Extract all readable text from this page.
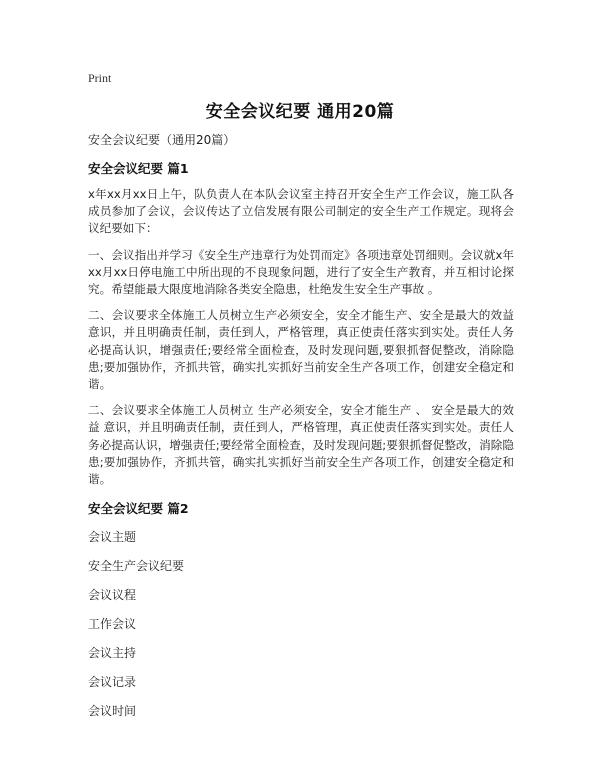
Print
安全会议纪要 通用20篇

安全会议纪要（通用20篇）

安全会议纪要 篇1

x年xx月xx日上午，队负责人在本队会议室主持召开安全生产工作会议，施工队各成员参加了会议，会议传达了立信发展有限公司制定的安全生产工作规定。现将会议纪要如下：

一、会议指出并学习《安全生产违章行为处罚而定》各项违章处罚细则。会议就x年xx月xx日停电施工中所出现的不良现象问题，进行了安全生产教育，并互相讨论探究。希望能最大限度地消除各类安全隐患，杜绝发生安全生产事故 。

二、会议要求全体施工人员树立生产必须安全，安全才能生产、安全是最大的效益意识，并且明确责任制，责任到人，严格管理，真正使责任落实到实处。责任人务必提高认识，增强责任;要经常全面检查，及时发现问题,要狠抓督促整改，消除隐患;要加强协作，齐抓共管，确实扎实抓好当前安全生产各项工作，创建安全稳定和谐。

二、会议要求全体施工人员树立 生产必须安全，安全才能生产 、 安全是最大的效益 意识，并且明确责任制，责任到人，严格管理，真正使责任落实到实处。责任人务必提高认识，增强责任;要经常全面检查，及时发现问题;要狠抓督促整改，消除隐患;要加强协作，齐抓共管，确实扎实抓好当前安全生产各项工作，创建安全稳定和谐。

安全会议纪要 篇2

会议主题

安全生产会议纪要

会议议程

工作会议

会议主持

会议记录

会议时间
